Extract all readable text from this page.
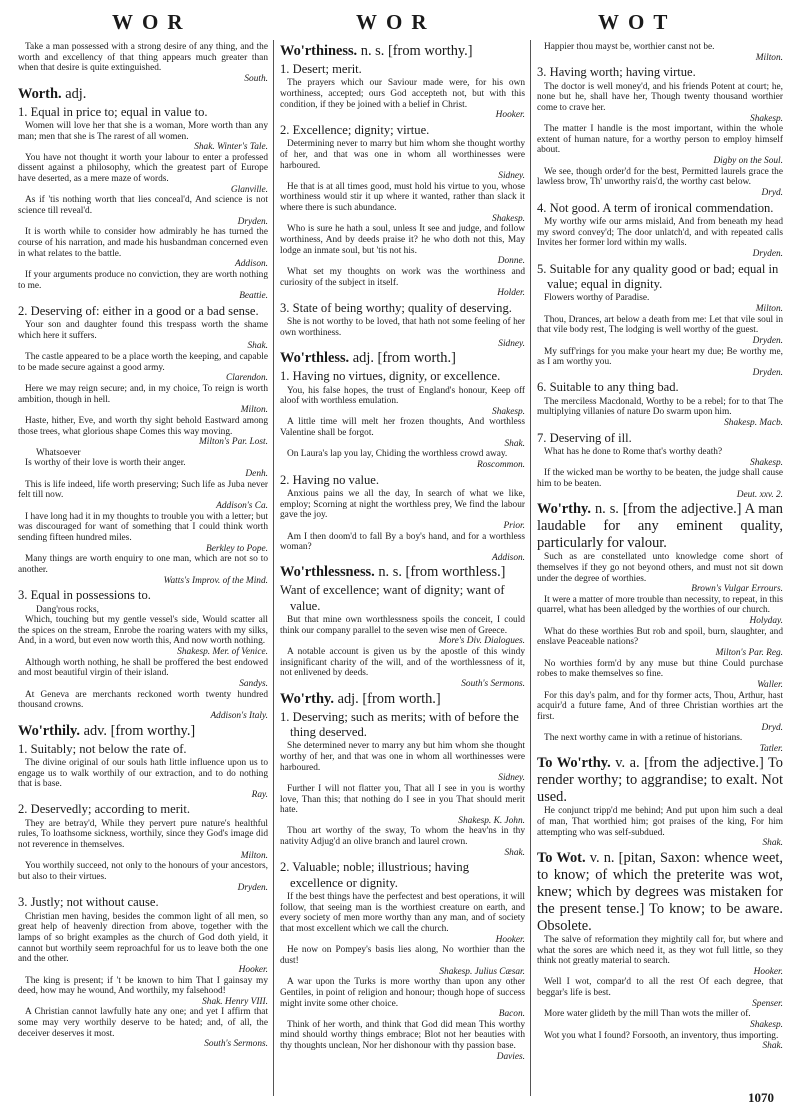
WOR	WOR	WOT

Take a man possessed with a strong desire of any thing, and the worth and excellency of that thing appears much greater than when that desire is quite extinguished.
South.

Worth. adj.

1. Equal in price to; equal in value to.

Women will love her that she is a woman, More worth than any man; men that she is The rarest of all women.
Shak. Winter's Tale.

You have not thought it worth your labour to enter a professed dissent against a philosophy, which the greatest part of Europe have deserted, as a mere maze of words.
Glanville.

As if 'tis nothing worth that lies conceal'd, And science is not science till reveal'd.
Dryden.

It is worth while to consider how admirably he has turned the course of his narration, and made his husbandman concerned even in what relates to the battle.
Addison.

If your arguments produce no conviction, they are worth nothing to me.
Beattie.

2. Deserving of: either in a good or a bad sense.

Your son and daughter found this trespass worth the shame which here it suffers.
Shak.

The castle appeared to be a place worth the keeping, and capable to be made secure against a good army.
Clarendon.

Here we may reign secure; and, in my choice, To reign is worth ambition, though in hell.
Milton.

Haste, hither, Eve, and worth thy sight behold Eastward among those trees, what glorious shape Comes this way moving.
Milton's Par. Lost.

Whatsoever

Is worthy of their love is worth their anger.
Denh.

This is life indeed, life worth preserving; Such life as Juba never felt till now.
Addison's Ca.

I have long had it in my thoughts to trouble you with a letter; but was discouraged for want of something that I could think worth sending fifteen hundred miles.
Berkley to Pope.

Many things are worth enquiry to one man, which are not so to another.
Watts's Improv. of the Mind.

3. Equal in possessions to.

Dang'rous rocks,

Which, touching but my gentle vessel's side, Would scatter all the spices on the stream, Enrobe the roaring waters with my silks, And, in a word, but even now worth this, And now worth nothing.
Shakesp. Mer. of Venice.

Although worth nothing, he shall be proffered the best endowed and most beautiful virgin of their island.
Sandys.

At Geneva are merchants reckoned worth twenty hundred thousand crowns.
Addison's Italy.

Wo'rthily. adv. [from worthy.]

1. Suitably; not below the rate of.

The divine original of our souls hath little influence upon us to engage us to walk worthily of our extraction, and to do nothing that is base.
Ray.

2. Deservedly; according to merit.

They are betray'd, While they pervert pure nature's healthful rules, To loathsome sickness, worthily, since they God's image did not reverence in themselves.
Milton.

You worthily succeed, not only to the honours of your ancestors, but also to their virtues.
Dryden.

3. Justly; not without cause.

Christian men having, besides the common light of all men, so great help of heavenly direction from above, together with the lamps of so bright examples as the church of God doth yield, it cannot but worthily seem reproachful for us to leave both the one and the other.
Hooker.

The king is present; if 't be known to him That I gainsay my deed, how may he wound, And worthily, my falsehood!
Shak. Henry VIII.

A Christian cannot lawfully hate any one; and yet I affirm that some may very worthily deserve to be hated; and, of all, the deceiver deserves it most.
South's Sermons.

Wo'rthiness. n. s. [from worthy.]

1. Desert; merit.

The prayers which our Saviour made were, for his own worthiness, accepted; ours God accepteth not, but with this condition, if they be joined with a belief in Christ.
Hooker.

2. Excellence; dignity; virtue.

Determining never to marry but him whom she thought worthy of her, and that was one in whom all worthinesses were harboured.
Sidney.

He that is at all times good, must hold his virtue to you, whose worthiness would stir it up where it wanted, rather than slack it where there is such abundance.
Shakesp.

Who is sure he hath a soul, unless It see and judge, and follow worthiness, And by deeds praise it? he who doth not this, May lodge an inmate soul, but 'tis not his.
Donne.

What set my thoughts on work was the worthiness and curiosity of the subject in itself.
Holder.

3. State of being worthy; quality of deserving.

She is not worthy to be loved, that hath not some feeling of her own worthiness.
Sidney.

Wo'rthless. adj. [from worth.]

1. Having no virtues, dignity, or excellence.

You, his false hopes, the trust of England's honour, Keep off aloof with worthless emulation.
Shakesp.

A little time will melt her frozen thoughts, And worthless Valentine shall be forgot.
Shak.

On Laura's lap you lay, Chiding the worthless crowd away.
Roscommon.

2. Having no value.

Anxious pains we all the day, In search of what we like, employ; Scorning at night the worthless prey, We find the labour gave the joy.
Prior.

Am I then doom'd to fall By a boy's hand, and for a worthless woman?
Addison.

Wo'rthlessness. n. s. [from worthless.]

Want of excellence; want of dignity; want of value.

But that mine own worthlessness spoils the conceit, I could think our company parallel to the seven wise men of Greece.
More's Div. Dialogues.

A notable account is given us by the apostle of this windy insignificant charity of the will, and of the worthlessness of it, not enlivened by deeds.
South's Sermons.

Wo'rthy. adj. [from worth.]

1. Deserving; such as merits; with of before the thing deserved.

She determined never to marry any but him whom she thought worthy of her, and that was one in whom all worthinesses were harboured.
Sidney.

Further I will not flatter you, That all I see in you is worthy love, Than this; that nothing do I see in you That should merit hate.
Shakesp. K. John.

Thou art worthy of the sway, To whom the heav'ns in thy nativity Adjug'd an olive branch and laurel crown.
Shak.

2. Valuable; noble; illustrious; having excellence or dignity.

If the best things have the perfectest and best operations, it will follow, that seeing man is the worthiest creature on earth, and every society of men more worthy than any man, and of society that most excellent which we call the church.
Hooker.

He now on Pompey's basis lies along, No worthier than the dust!
Shakesp. Julius Cæsar.

A war upon the Turks is more worthy than upon any other Gentiles, in point of religion and honour; though hope of success might invite some other choice.
Bacon.

Think of her worth, and think that God did mean This worthy mind should worthy things embrace; Blot not her beauties with thy thoughts unclean, Nor her dishonour with thy passion base.
Davies.

Happier thou mayst be, worthier canst not be.
Milton.

3. Having worth; having virtue.

The doctor is well money'd, and his friends Potent at court; he, none but he, shall have her, Though twenty thousand worthier come to crave her.
Shakesp.

The matter I handle is the most important, within the whole extent of human nature, for a worthy person to employ himself about.
Digby on the Soul.

We see, though order'd for the best, Permitted laurels grace the lawless brow, Th' unworthy rais'd, the worthy cast below.
Dryd.

4. Not good. A term of ironical commendation.

My worthy wife our arms mislaid, And from beneath my head my sword convey'd; The door unlatch'd, and with repeated calls Invites her former lord within my walls.
Dryden.

5. Suitable for any quality good or bad; equal in value; equal in dignity.

Flowers worthy of Paradise.
Milton.

Thou, Drances, art below a death from me: Let that vile soul in that vile body rest, The lodging is well worthy of the guest.
Dryden.

My suff'rings for you make your heart my due; Be worthy me, as I am worthy you.
Dryden.

6. Suitable to any thing bad.

The merciless Macdonald, Worthy to be a rebel; for to that The multiplying villanies of nature Do swarm upon him.
Shakesp. Macb.

7. Deserving of ill.

What has he done to Rome that's worthy death?
Shakesp.

If the wicked man be worthy to be beaten, the judge shall cause him to be beaten.
Deut. xxv. 2.

Wo'rthy. n. s. [from the adjective.] A man laudable for any eminent quality, particularly for valour.

Such as are constellated unto knowledge come short of themselves if they go not beyond others, and must not sit down under the degree of worthies.
Brown's Vulgar Errours.

It were a matter of more trouble than necessity, to repeat, in this quarrel, what has been alledged by the worthies of our church.
Holyday.

What do these worthies But rob and spoil, burn, slaughter, and enslave Peaceable nations?
Milton's Par. Reg.

No worthies form'd by any muse but thine Could purchase robes to make themselves so fine.
Waller.

For this day's palm, and for thy former acts, Thou, Arthur, hast acquir'd a future fame, And of three Christian worthies art the first.
Dryd.

The next worthy came in with a retinue of historians.
Tatler.

To Wo'rthy. v. a. [from the adjective.] To render worthy; to aggrandise; to exalt. Not used.

He conjunct tripp'd me behind; And put upon him such a deal of man, That worthied him; got praises of the king, For him attempting who was self-subdued.
Shak.

To Wot. v. n. [pitan, Saxon: whence weet, to know; of which the preterite was wot, knew; which by degrees was mistaken for the present tense.] To know; to be aware. Obsolete.

The salve of reformation they mightily call for, but where and what the sores are which need it, as they wot full little, so they think not greatly material to search.
Hooker.

Well I wot, compar'd to all the rest Of each degree, that beggar's life is best.
Spenser.

More water glideth by the mill Than wots the miller of.
Shakesp.

Wot you what I found? Forsooth, an inventory, thus importing.
Shak.

1070
